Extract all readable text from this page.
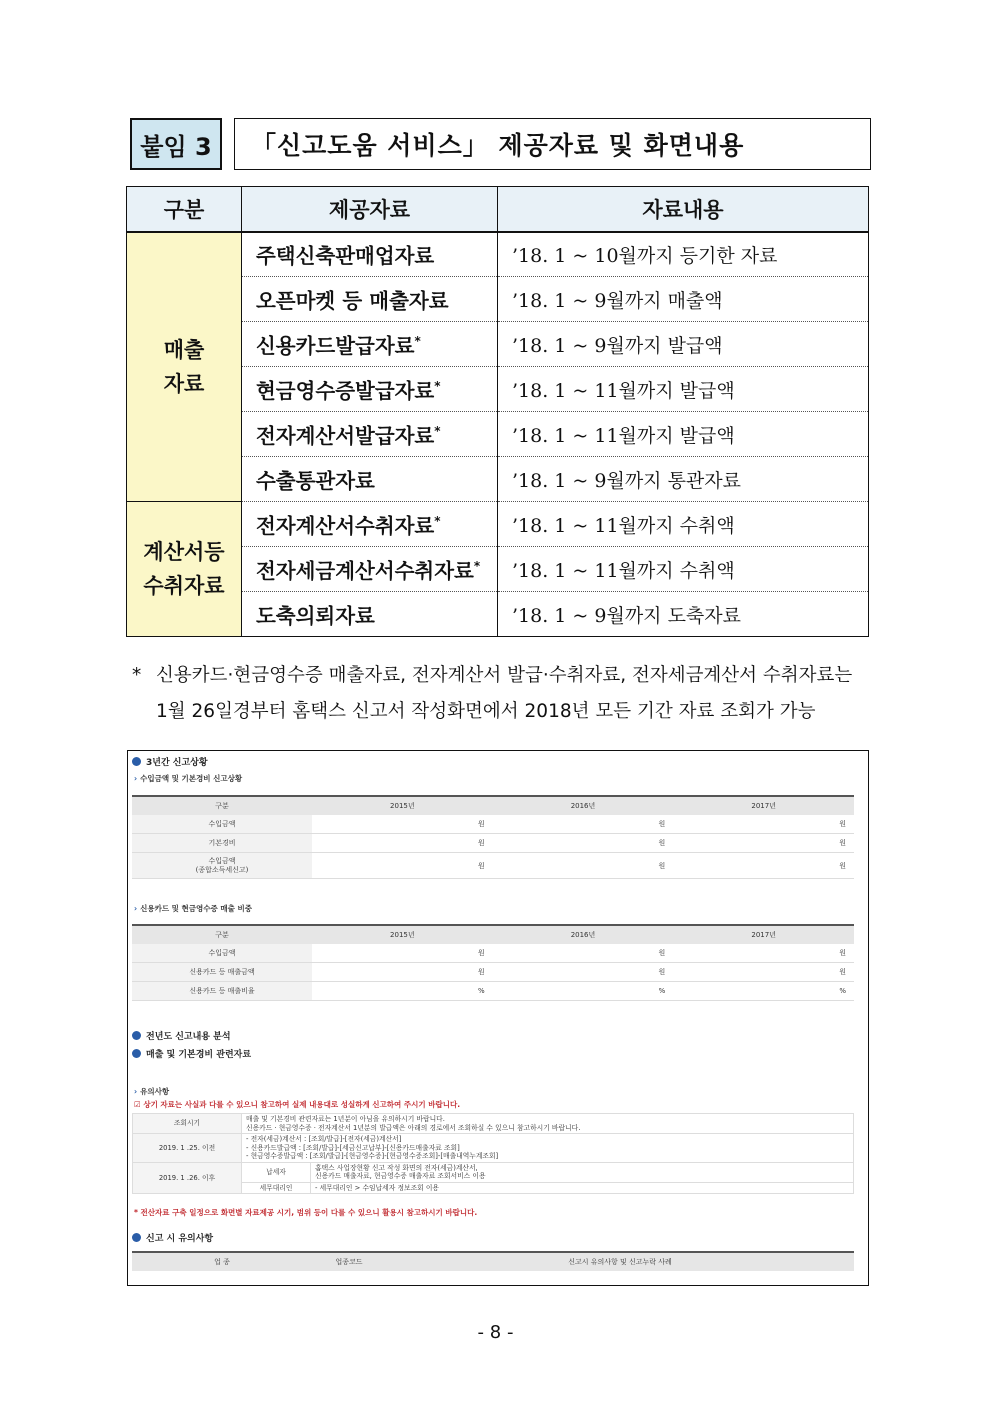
붙임 3	「신고도움 서비스」 제공자료 및 화면내용
구분	제공자료	자료내용

매출
자료	주택신축판매업자료	’18. 1 ~ 10월까지 등기한 자료
	오픈마켓 등 매출자료	’18. 1 ~ 9월까지 매출액
	신용카드발급자료*	’18. 1 ~ 9월까지 발급액
	현금영수증발급자료*	’18. 1 ~ 11월까지 발급액
	전자계산서발급자료*	’18. 1 ~ 11월까지 발급액
	수출통관자료	’18. 1 ~ 9월까지 통관자료

계산서등
수취자료	전자계산서수취자료*	’18. 1 ~ 11월까지 수취액
	전자세금계산서수취자료*	’18. 1 ~ 11월까지 수취액
	도축의뢰자료	’18. 1 ~ 9월까지 도축자료
* 신용카드·현금영수증 매출자료, 전자계산서 발급·수취자료, 전자세금계산서 수취자료는
1월 26일경부터 홈택스 신고서 작성화면에서 2018년 모든 기간 자료 조회가 가능
3년간 신고상황
› 수입금액 및 기본경비 신고상황
구분	2015년	2016년	2017년
수입금액	원	원	원
기본경비	원	원	원
수입금액
(종합소득세신고)	원	원	원
› 신용카드 및 현금영수증 매출 비중
구분	2015년	2016년	2017년
수입금액	원	원	원
신용카드 등 매출금액	원	원	원
신용카드 등 매출비율	%	%	%
전년도 신고내용 분석
매출 및 기본경비 관련자료
› 유의사항
☑ 상기 자료는 사실과 다를 수 있으니 참고하여 실제 내용대로 성실하게 신고하여 주시기 바랍니다.
조회시기	매출 및 기본경비 관련자료는 1년분이 아님을 유의하시기 바랍니다.
신용카드 · 현금영수증 · 전자계산서 1년분의 발급액은 아래의 경로에서 조회하실 수 있으니 참고하시기 바랍니다.	

2019. 1 .25. 이전	- 전자(세금)계산서 : [조회/발급]-[전자(세금)계산서]
- 신용카드발급액 : [조회/발급]-[세금신고납부]-[신용카드매출자료 조회]
- 현금영수증발급액 : [조회/발급]-[현금영수증]-[현금영수증조회]-[매출내역누계조회]	

2019. 1 .26. 이후	납세자	홈택스 사업장현황 신고 작성 화면의 전자(세금)계산서,
신용카드 매출자료, 현금영수증 매출자료 조회서비스 이용

	세무대리인	- 세무대리인 > 수임납세자 정보조회 이용
* 전산자료 구축 일정으로 화면별 자료제공 시기, 범위 등이 다를 수 있으니 활용시 참고하시기 바랍니다.
신고 시 유의사항
업 종	업종코드	신고시 유의사항 및 신고누락 사례

- 8 -
